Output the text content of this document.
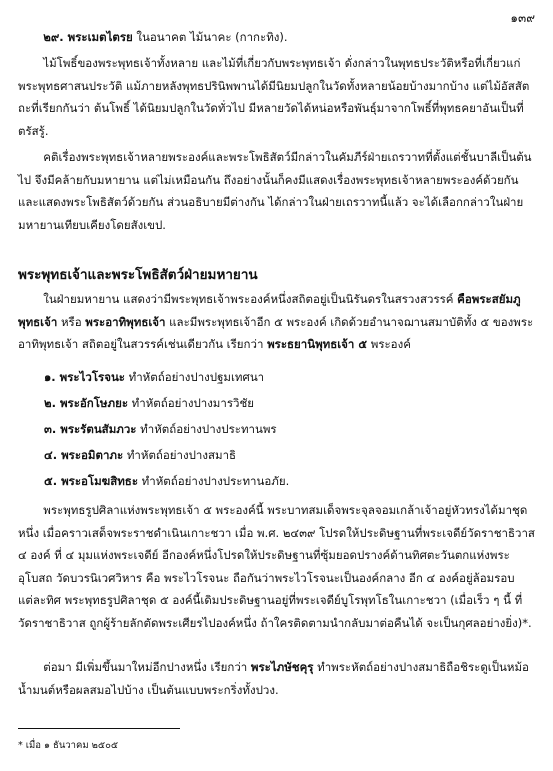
๑๓๙

๒๙. พระเมตไตรย ในอนาคต ไม้นาคะ (กากะทิง).

ไม้โพธิ์ของพระพุทธเจ้าทั้งหลาย และไม้ที่เกี่ยวกับพระพุทธเจ้า ดั่งกล่าวในพุทธประวัติหรือที่เกี่ยวแก่พระพุทธศาสนประวัติ แม้ภายหลังพุทธปรินิพพานได้มีนิยมปลูกในวัดทั้งหลายน้อยบ้างมากบ้าง แต่ไม้อัสสัตถะที่เรียกกันว่า ต้นโพธิ์ ได้นิยมปลูกในวัดทั่วไป มีหลายวัดได้หน่อหรือพันธุ์มาจากโพธิ์ที่พุทธคยาอันเป็นที่ตรัสรู้.

คติเรื่องพระพุทธเจ้าหลายพระองค์และพระโพธิสัตว์มีกล่าวในคัมภีร์ฝ่ายเถรวาทที่ตั้งแต่ชั้นบาลีเป็นต้นไป จึงมีคล้ายกับมหายาน แต่ไม่เหมือนกัน ถึงอย่างนั้นก็คงมีแสดงเรื่องพระพุทธเจ้าหลายพระองค์ด้วยกัน และแสดงพระโพธิสัตว์ด้วยกัน ส่วนอธิบายมีต่างกัน ได้กล่าวในฝ่ายเถรวาทนี้แล้ว จะได้เลือกกล่าวในฝ่ายมหายานเทียบเคียงโดยสังเขป.

พระพุทธเจ้าและพระโพธิสัตว์ฝ่ายมหายาน

ในฝ่ายมหายาน แสดงว่ามีพระพุทธเจ้าพระองค์หนึ่งสถิตอยู่เป็นนิรันดรในสรวงสวรรค์ คือพระสยัมภูพุทธเจ้า หรือ พระอาทิพุทธเจ้า และมีพระพุทธเจ้าอีก ๕ พระองค์ เกิดด้วยอำนาจฌานสมาบัติทั้ง ๕ ของพระอาทิพุทธเจ้า สถิตอยู่ในสวรรค์เช่นเดียวกัน เรียกว่า พระธยานิพุทธเจ้า ๕ พระองค์

๑. พระไวโรจนะ ทำหัตถ์อย่างปางปฐมเทศนา
๒. พระอักโษภยะ ทำหัตถ์อย่างปางมารวิชัย
๓. พระรัตนสัมภวะ ทำหัตถ์อย่างปางประทานพร
๔. พระอมิตาภะ ทำหัตถ์อย่างปางสมาธิ
๕. พระอโมฆสิทธะ ทำหัตถ์อย่างปางประทานอภัย.

พระพุทธรูปศิลาแห่งพระพุทธเจ้า ๕ พระองค์นี้ พระบาทสมเด็จพระจุลจอมเกล้าเจ้าอยู่หัวทรงได้มาชุดหนึ่ง เมื่อคราวเสด็จพระราชดำเนินเกาะชวา เมื่อ พ.ศ. ๒๔๓๙ โปรดให้ประดิษฐานที่พระเจดีย์วัดราชาธิวาส ๔ องค์ ที่ ๔ มุมแห่งพระเจดีย์ อีกองค์หนึ่งโปรดให้ประดิษฐานที่ซุ้มยอดปรางค์ด้านทิศตะวันตกแห่งพระอุโบสถ วัดบวรนิเวศวิหาร คือ พระไวโรจนะ ถือกันว่าพระไวโรจนะเป็นองค์กลาง อีก ๔ องค์อยู่ล้อมรอบแต่ละทิศ พระพุทธรูปศิลาชุด ๕ องค์นี้เดิมประดิษฐานอยู่ที่พระเจดีย์บูโรพุทโธในเกาะชวา (เมื่อเร็ว ๆ นี้ ที่วัดราชาธิวาส ถูกผู้ร้ายลักตัดพระเศียรไปองค์หนึ่ง ถ้าใครติดตามนำกลับมาต่อคืนได้ จะเป็นกุศลอย่างยิ่ง)*.

ต่อมา มีเพิ่มขึ้นมาใหม่อีกปางหนึ่ง เรียกว่า พระไภษัชคุรุ ทำพระหัตถ์อย่างปางสมาธิถือชิระดูเป็นหม้อน้ำมนต์หรือผลสมอไปบ้าง เป็นต้นแบบพระกริ่งทั้งปวง.

* เมื่อ ๑ ธันวาคม ๒๕๐๕
